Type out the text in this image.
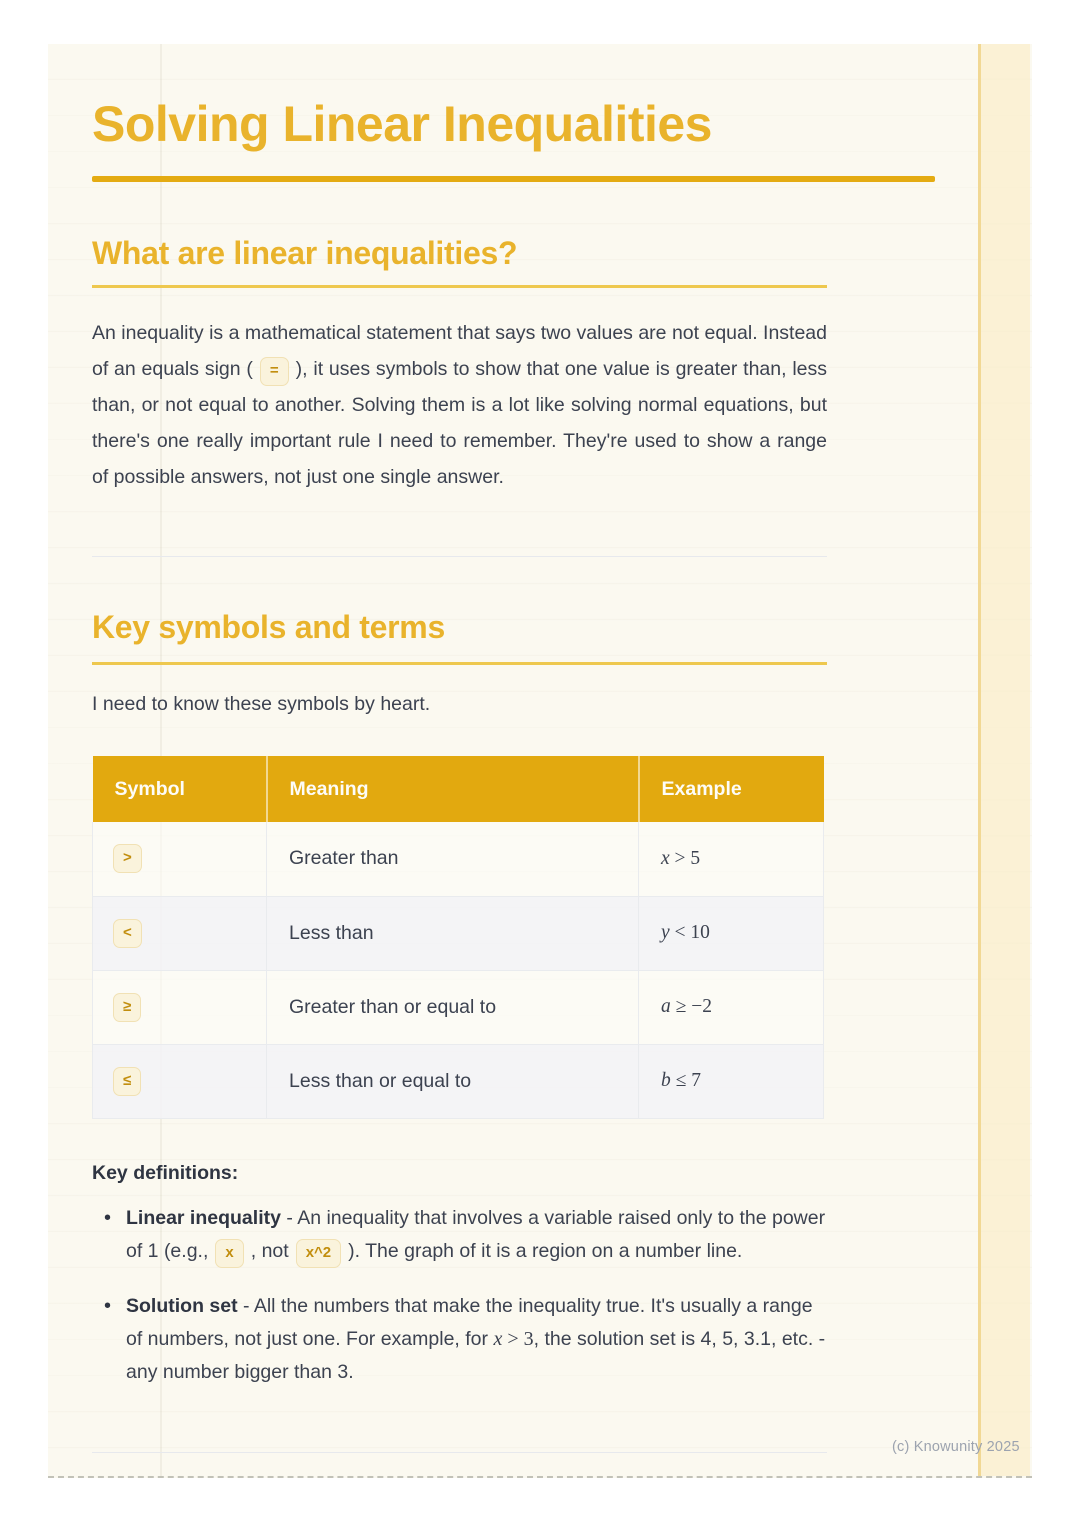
Solving Linear Inequalities
What are linear inequalities?

An inequality is a mathematical statement that says two values are not equal. Instead of an equals sign ( = ), it uses symbols to show that one value is greater than, less than, or not equal to another. Solving them is a lot like solving normal equations, but there's one really important rule I need to remember. They're used to show a range of possible answers, not just one single answer.

Key symbols and terms

I need to know these symbols by heart.

Symbol	Meaning	Example
>	Greater than	x > 5
<	Less than	y < 10
≥	Greater than or equal to	a ≥ −2
≤	Less than or equal to	b ≤ 7
Key definitions:
• Linear inequality - An inequality that involves a variable raised only to the power of 1 (e.g., x , not x^2 ). The graph of it is a region on a number line.
• Solution set - All the numbers that make the inequality true. It's usually a range of numbers, not just one. For example, for x > 3, the solution set is 4, 5, 3.1, etc. - any number bigger than 3.
(c) Knowunity 2025
